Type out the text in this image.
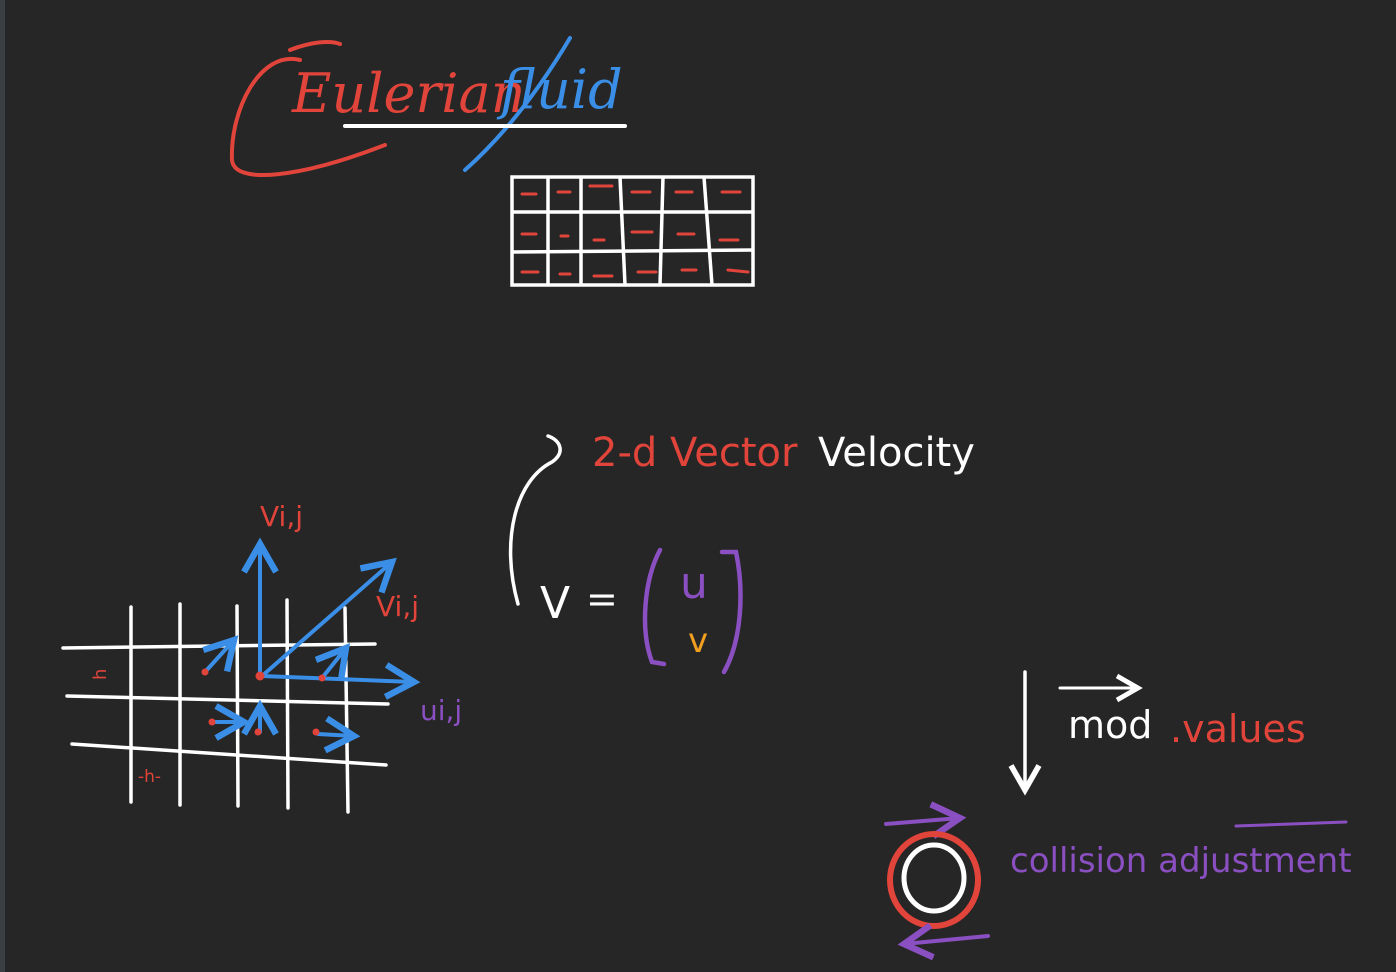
Eulerian
fluid
h
-h-
Vi,j
Vi,j
ui,j
2-d Vector Velocity
V = u
v
mod .values
collision adjustment
